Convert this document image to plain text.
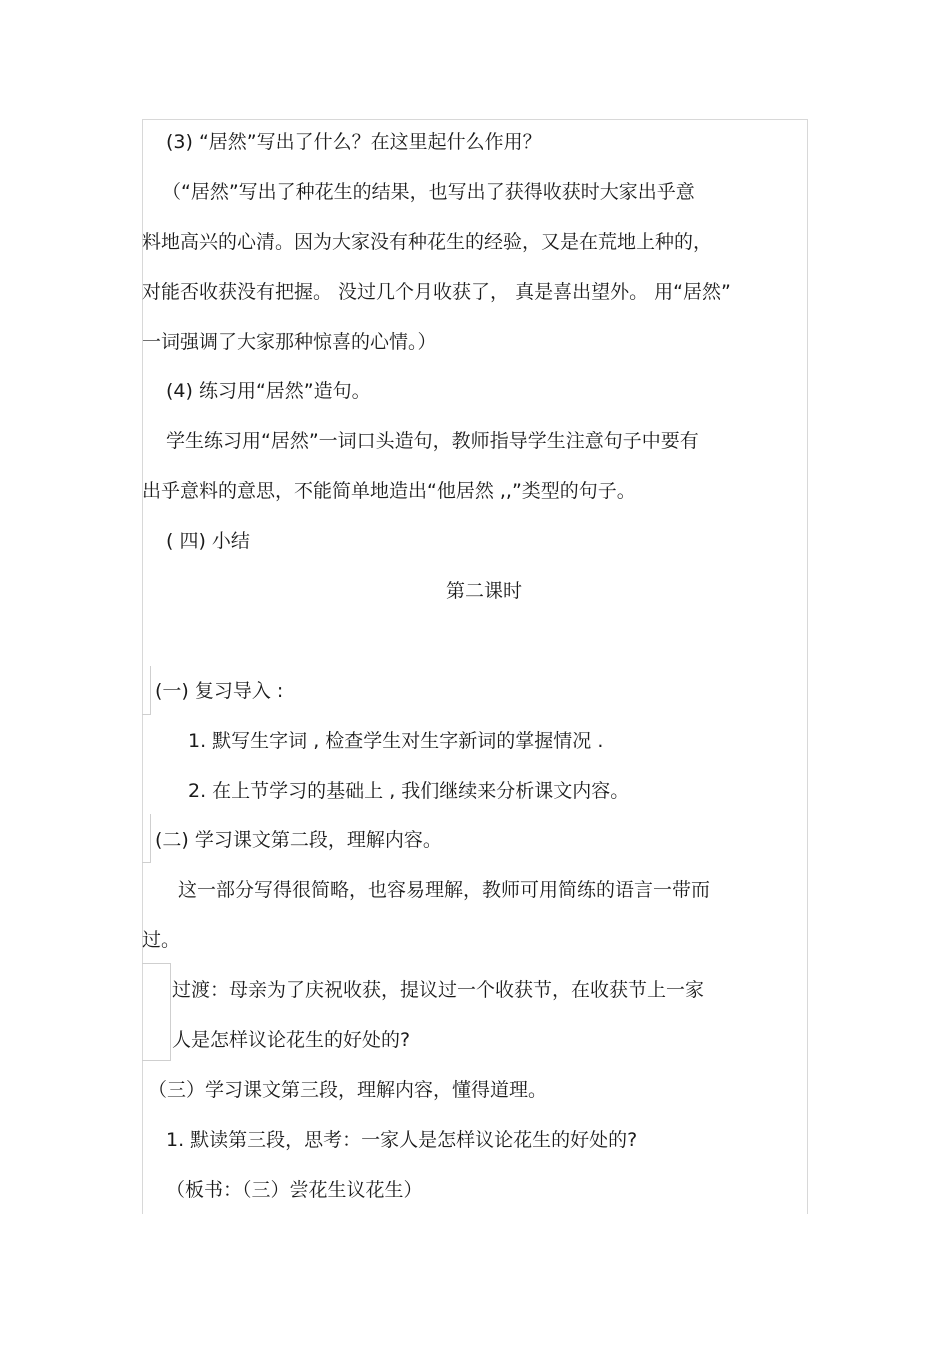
(3) “居然”写出了什么？在这里起什么作用？
（“居然”写出了种花生的结果，也写出了获得收获时大家出乎意
料地高兴的心清。因为大家没有种花生的经验，又是在荒地上种的，
对能否收获没有把握。 没过几个月收获了， 真是喜出望外。 用“居然”
一词强调了大家那种惊喜的心情。）
(4) 练习用“居然”造句。
学生练习用“居然”一词口头造句，教师指导学生注意句子中要有
出乎意料的意思，不能简单地造出“他居然 ,,”类型的句子。
( 四) 小结
第二课时
(一) 复习导入 :
1. 默写生字词 , 检查学生对生字新词的掌握情况 .
2. 在上节学习的基础上 , 我们继续来分析课文内容。
(二) 学习课文第二段，理解内容。
这一部分写得很简略，也容易理解，教师可用简练的语言一带而
过。
过渡：母亲为了庆祝收获，提议过一个收获节，在收获节上一家
人是怎样议论花生的好处的?
（三）学习课文第三段，理解内容，懂得道理。
1. 默读第三段，思考：一家人是怎样议论花生的好处的?
（板书：（三）尝花生议花生）
